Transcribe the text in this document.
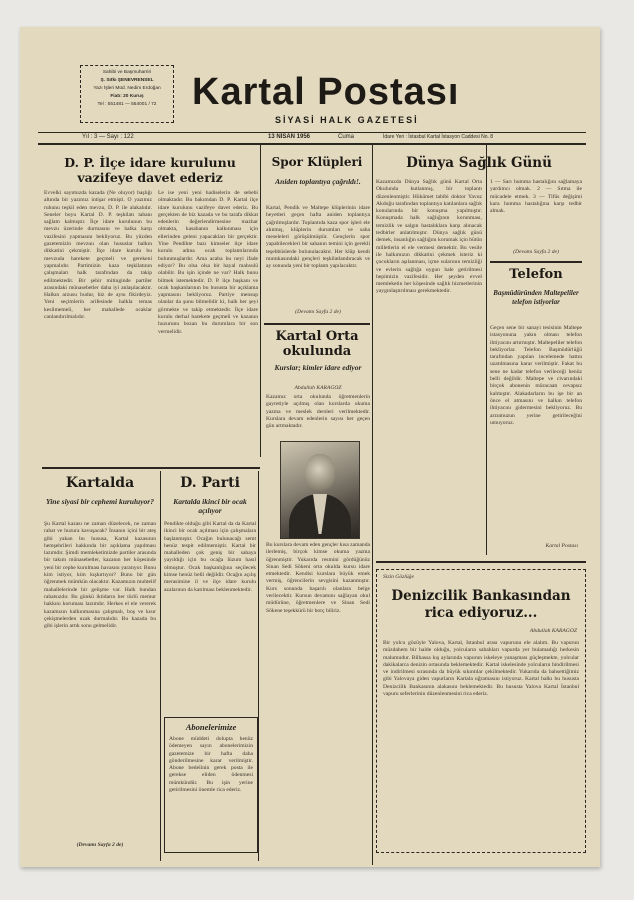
Sahibi ve Başmuharriri
Ş. Sıtkı ŞENEVRENSEL
Yazı İşleri Müd. Nedim Erdoğan
Fiatı: 20 Kuruş
Tel : 551481 — 554001 / 72 Kartal Postası
SİYASİ HALK GAZETESİ
Yıl : 3 — Sayı : 122	13 NİSAN 1956	Cuma	İdare Yeri : İstasbul Kartal İstasyon Caddesi No. 8
D. P. İlçe idare kurulunu
vazifeye davet ederiz
Evvelki sayımızda kazada (Ne oluyor) başlığı altında bir yazımız intişar etmişti. O yazımız ruhunu teşkil eden mevzu, D. P. ile alakalıdır. Seneler boyu Kartal D. P. teşkilatı tabanı sağlam kalmıştır. İlçe idare kurulunun bu mevzu üzerinde durmasını ve halka karşı vazifesini yapmasını bekliyoruz. Bu yüzden gazetemizin mevzuu olan hususlar halkın dikkatini çekmiştir. İlçe idare kurulu bu mevzuda harekete geçmeli ve gerekeni yapmalıdır. Partimizin kaza teşkilatının çalışmaları halk tarafından da takip edilmektedir. Bir şehir mitinginde partiler arasındaki münasebetler daha iyi anlaşılacaktır. Halkın arzusu budur, biz de aynı fikirdeyiz. Yeni seçimlerin arifesinde halkla temas kesilmemeli, her mahallede ocaklar canlandırılmalıdır.
Le ise yeni yeni hadiselerin de sebebi olmaktadır. Bu bakımdan D. P. Kartal ilçe idare kurulunu vazifeye davet ederiz. Bu gerçekten de biz kazada ve bu tarafa dikkat edenlerin değerlendirmesine mazhar olmakta, kasabanın kalkınması için ellerinden geleni yapacakları bir gerçektir. Yine Pendikte bazı kimseler ilçe idare kurulu adına ocak toplantılarında bulunmuşlardır. Ama acaba bu neyi ifade ediyor? Bu olsa olsa bir hayal mahsulü olabilir. Bu işin içinde ne var? Halk bunu bilmek istemektedir. D. P. ilçe başkanı ve ocak başkanlarının bu hususta bir açıklama yapmasını bekliyoruz. Partiye mensup olanlar da şunu bilmelidir ki, halk her şeyi görmekte ve takip etmektedir. İlçe idare kurulu derhal harekete geçmeli ve kazanın huzurunu bozan bu durumlara bir son vermelidir.
Spor Klüpleri
Aniden toplantıya çağrıldı!.
Kartal, Pendik ve Maltepe klüplerinin idare heyetleri geçen hafta aniden toplantıya çağrılmışlardır. Toplantıda kaza spor işleri ele alınmış, klüplerin durumları ve saha meseleleri görüşülmüştür. Gençlerin spor yapabilecekleri bir sahanın temini için gerekli teşebbüslerde bulunulacaktır. Her klüp kendi mıntıkasındaki gençleri teşkilatlandıracak ve ay sonunda yeni bir toplantı yapılacaktır.
(Devamı Sayfa 2 de)
Kartal Orta okulunda
Kurslar; kimler idare ediyor
Abdullah KARAGÖZ
Kazamız orta okulunda öğretmenlerin gayretiyle açılmış olan kurslarda okuma yazma ve meslek dersleri verilmektedir. Kurslara devam edenlerin sayısı her geçen gün artmaktadır.
Bu kurslara devam eden gençler kısa zamanda ilerlemiş, birçok kimse okuma yazma öğrenmiştir. Yukarıda resmini gördüğünüz Sinan Sedi Sökeni orta okulda kursu idare etmektedir. Kendisi kurslara büyük emek vermiş, öğrencilerin sevgisini kazanmıştır. Kurs sonunda başarılı olanlara belge verilecektir. Kursun devamını sağlayan okul müdürüne, öğretmenlere ve Sinan Sedi Sökene teşekkürü bir borç biliriz.
Dünya Sağlık Günü
Kazamızda Dünya Sağlık günü Kartal Orta Okulunda kutlanmış, bir toplantı düzenlenmiştir. Hükümet tabibi doktor Yavuz Akdoğu tarafından toplantıya katılanlara sağlık konularında bir konuşma yapılmıştır. Konuşmada halk sağlığının korunması, temizlik ve salgın hastalıklara karşı alınacak tedbirler anlatılmıştır. Dünya sağlık günü demek, insanlığın sağlığını korumak için bütün milletlerin el ele vermesi demektir. Bu vesile ile halkımızın dikkatini çekmek isteriz ki çocukların aşılanması, içme sularının temizliği ve evlerin sağlığa uygun hale getirilmesi hepimizin vazifesidir. Her şeyden evvel memleketin her köşesinde sağlık hizmetlerinin yaygınlaştırılması gerekmektedir.
1 — Sarı humma hastalığını sağlamaya yardımcı olmak. 2 — Sıtma ile mücadele etmek. 3 — Tifüs değişimi kara humma hastalığına karşı tedbir almak.
(Devamı Sayfa 2 de)
Telefon
Başmüdüründen Maltepeliler telefon istiyorlar
Geçen sene bir sanayi tesisinin Maltepe istasyonuna yakın olması telefon ihtiyacını artırmıştır. Maltepeliler telefon bekliyorlar. Telefon Başmüdürlüğü tarafından yapılan incelemede hattın uzatılmasına karar verilmiştir. Fakat bu sene ne kadar telefon verileceği henüz belli değildir. Maltepe ve civarındaki birçok abonenin müracaatı cevapsız kalmıştır. Alakadarların bu işe bir an önce el atmasını ve halkın telefon ihtiyacını gidermesini bekliyoruz. Bu arzumuzun yerine getirileceğini umuyoruz.
Kartal Postası
Kartalda
Yine siyasi bir cephemi kuruluyor?
Şu Kartal kazası ne zaman düzelecek, ne zaman rahat ve huzura kavuşacak? İnsanın içini bir ateş gibi yakan bu hususa, Kartal kazasının hemşehrileri hakkında bir açıklama yapılması lazımdır. Şimdi memleketimizde partiler arasında bir takım münasebetler, kazanın her köşesinde yeni bir cephe kurulması havasını yaratıyor. Bunu kim istiyor, kim kışkırtıyor? Bunu bir gün öğrenmek mümkün olacaktır. Kazamızın muhtelif mahallelerinde bir gelişme var. Halk bundan rahatsızdır. Bu günkü iktidarın her türlü memur hakkını koruması lazımdır. Herkes el ele vererek kazamızın kalkınmasına çalışmalı, boş ve kısır çekişmelerden uzak durmalıdır. Bu kazada bu gibi işlerin artık sonu gelmelidir.
(Devamı Sayfa 2 de)
D. Parti
Kartalda ikinci bir ocak açılıyor
Pendikte olduğu gibi Kartal da da Kartal ikinci bir ocak açılması için çalışmalara başlanmıştır. Ocağın bulunacağı semt henüz tespit edilmemiştir. Kartal bir mahalleden çok geniş bir sahaya yayıldığı için bu ocağa lüzum hasıl olmuştur. Ocak başkanlığına seçilecek kimse henüz belli değildir. Ocağın açılış merasimine il ve ilçe idare kurulu azalarının da katılması beklenmektedir.
Abonelerimize
Abone müddeti dolupta henüz ödemeyen sayın abonelerimizin gazetemize bir hafta daha gönderilmesine karar verilmiştir. Abone bedelinin gerek posta ile gerekse eliden ödenmesi mümkündür. Bu işin yerine getirilmesini önemle rica ederiz.
Sizin Gözlüğe
Denizcilik Bankasından
rica ediyoruz...
Abdullah KARAGÖZ
Bir yolcu gözüyle Yalova, Kartal, İstanbul arası vapurunu ele alalım. Bu vapurun müzdahem bir halde olduğu, yolcuların sabahları vapurda yer bulamadığı herkesin malumudur. Bilhassa kış aylarında vapurun iskeleye yanaşması güçleşmekte, yolcular dakikalarca denizin ortasında beklemektedir. Kartal iskelesinde yolcuların bindirilmesi ve indirilmesi sırasında da büyük sıkıntılar çekilmektedir. Yukarıda da bahsettiğimiz gibi Yalovaya giden vapurların Kartala uğramasını istiyoruz. Kartal halkı bu hususta Denizcilik Bankasının alakasını beklemektedir. Bu hususta Yalova Kartal İstanbul vapuru seferlerinin düzenlenmesini rica ederiz.
